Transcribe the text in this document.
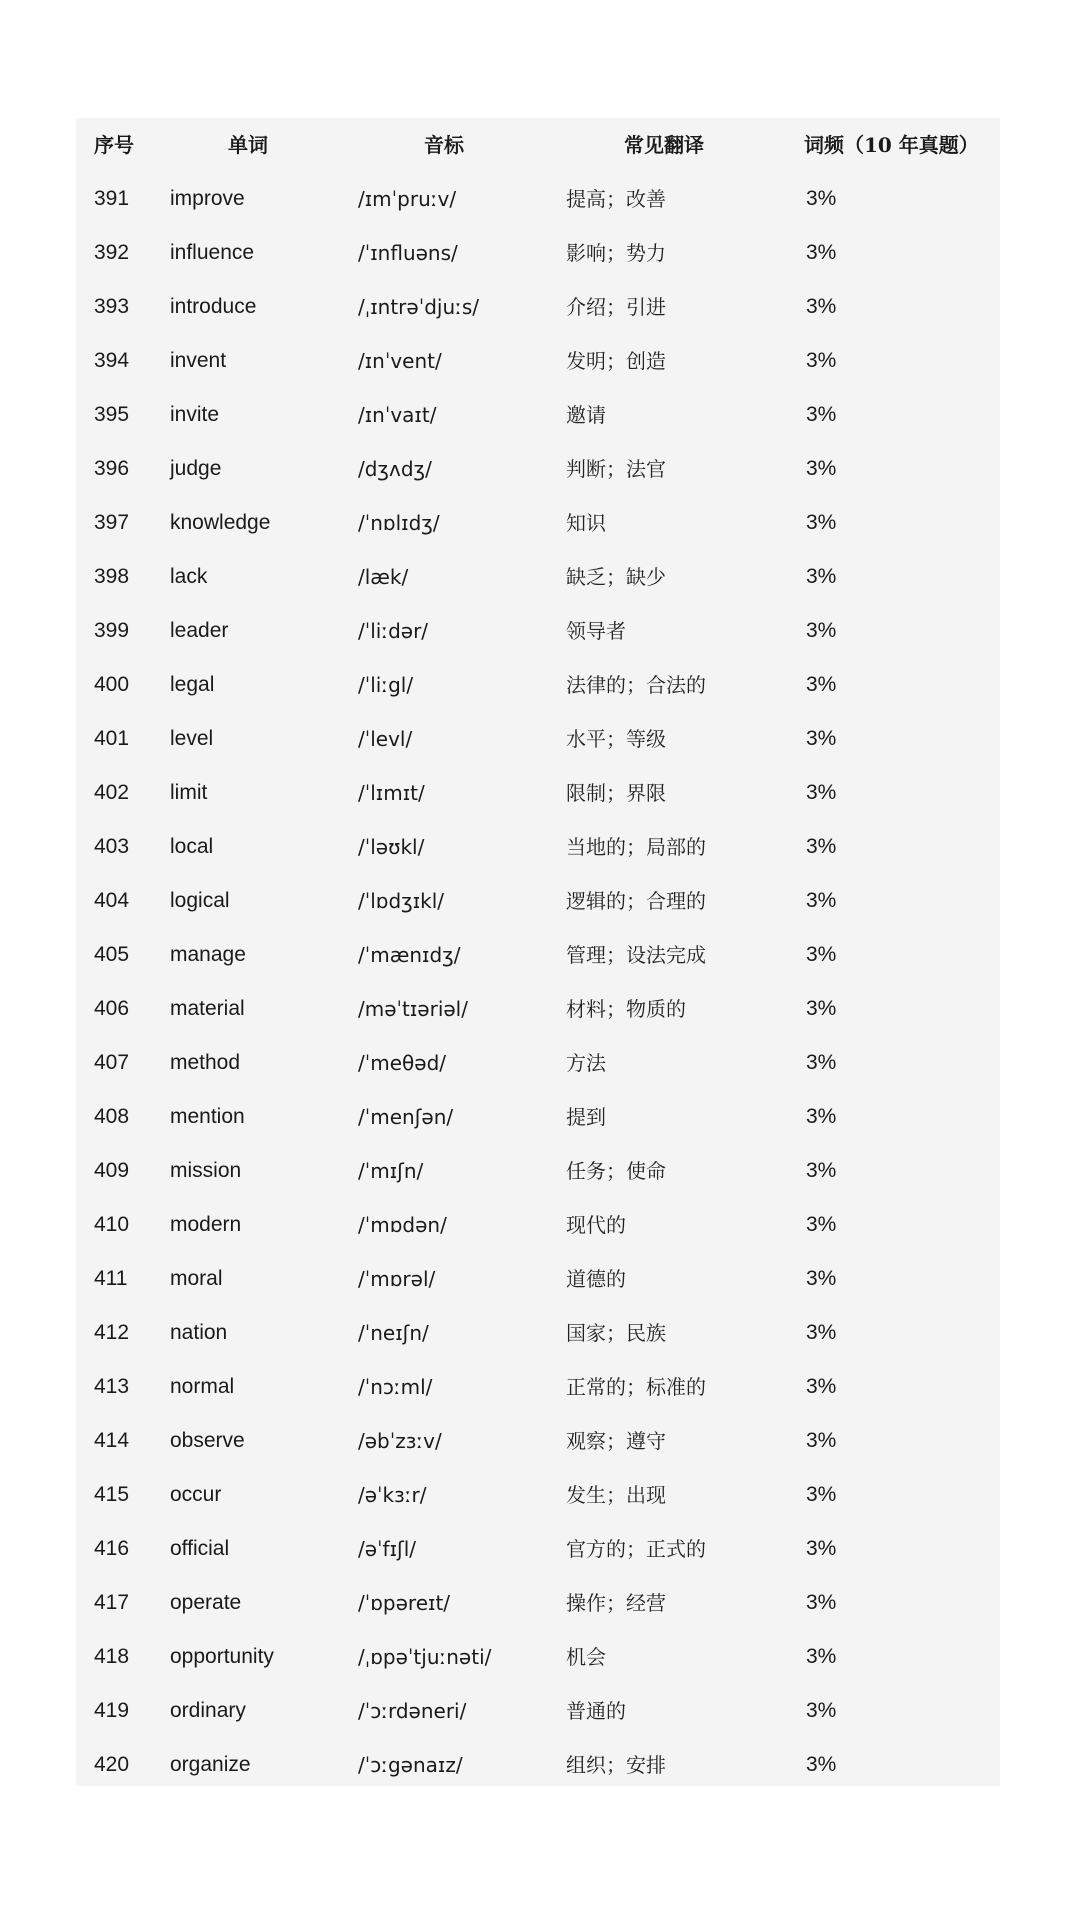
序号	单词	音标	常见翻译	词频（10 年真题）
391 improve	/ɪmˈpruːv/	提高；改善	3%
392 influence	/ˈɪnfluəns/	影响；势力	3%
393 introduce	/ˌɪntrəˈdjuːs/	介绍；引进	3%
394 invent	/ɪnˈvent/	发明；创造	3%
395 invite	/ɪnˈvaɪt/	邀请	3%
396 judge	/dʒʌdʒ/	判断；法官	3%
397 knowledge	/ˈnɒlɪdʒ/	知识	3%
398 lack	/læk/	缺乏；缺少	3%
399 leader	/ˈliːdər/	领导者	3%
400 legal	/ˈliːgl/	法律的；合法的	3%
401 level	/ˈlevl/	水平；等级	3%
402 limit	/ˈlɪmɪt/	限制；界限	3%
403 local	/ˈləʊkl/	当地的；局部的	3%
404 logical	/ˈlɒdʒɪkl/	逻辑的；合理的	3%
405 manage	/ˈmænɪdʒ/	管理；设法完成	3%
406 material	/məˈtɪəriəl/	材料；物质的	3%
407 method	/ˈmeθəd/	方法	3%
408 mention	/ˈmenʃən/	提到	3%
409 mission	/ˈmɪʃn/	任务；使命	3%
410 modern	/ˈmɒdən/	现代的	3%
411 moral	/ˈmɒrəl/	道德的	3%
412 nation	/ˈneɪʃn/	国家；民族	3%
413 normal	/ˈnɔːml/	正常的；标准的	3%
414 observe	/əbˈzɜːv/	观察；遵守	3%
415 occur	/əˈkɜːr/	发生；出现	3%
416 official	/əˈfɪʃl/	官方的；正式的	3%
417 operate	/ˈɒpəreɪt/	操作；经营	3%
418 opportunity	/ˌɒpəˈtjuːnəti/	机会	3%
419 ordinary	/ˈɔːrdəneri/	普通的	3%
420 organize	/ˈɔːgənaɪz/	组织；安排	3%
